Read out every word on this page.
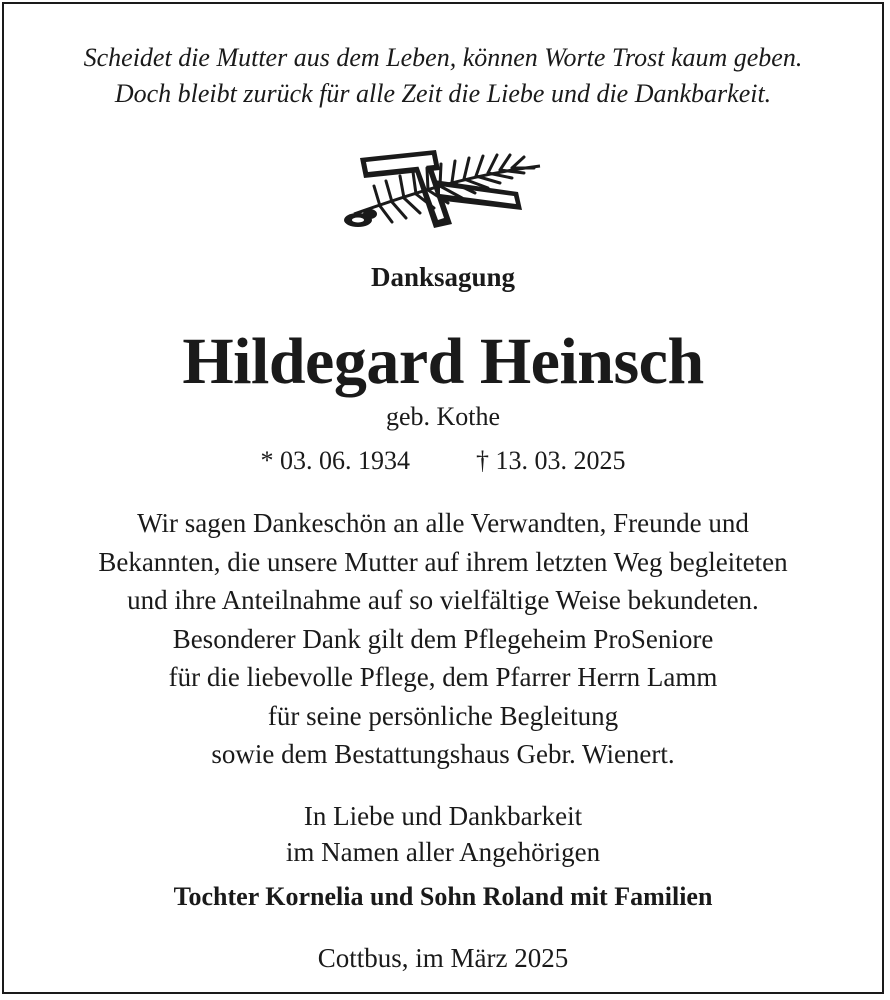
Scheidet die Mutter aus dem Leben, können Worte Trost kaum geben.
Doch bleibt zurück für alle Zeit die Liebe und die Dankbarkeit.
Danksagung
Hildegard Heinsch
geb. Kothe
* 03. 06. 1934	† 13. 03. 2025
Wir sagen Dankeschön an alle Verwandten, Freunde und
Bekannten, die unsere Mutter auf ihrem letzten Weg begleiteten
und ihre Anteilnahme auf so vielfältige Weise bekundeten.
Besonderer Dank gilt dem Pflegeheim ProSeniore
für die liebevolle Pflege, dem Pfarrer Herrn Lamm
für seine persönliche Begleitung
sowie dem Bestattungshaus Gebr. Wienert.
In Liebe und Dankbarkeit
im Namen aller Angehörigen
Tochter Kornelia und Sohn Roland mit Familien
Cottbus, im März 2025
